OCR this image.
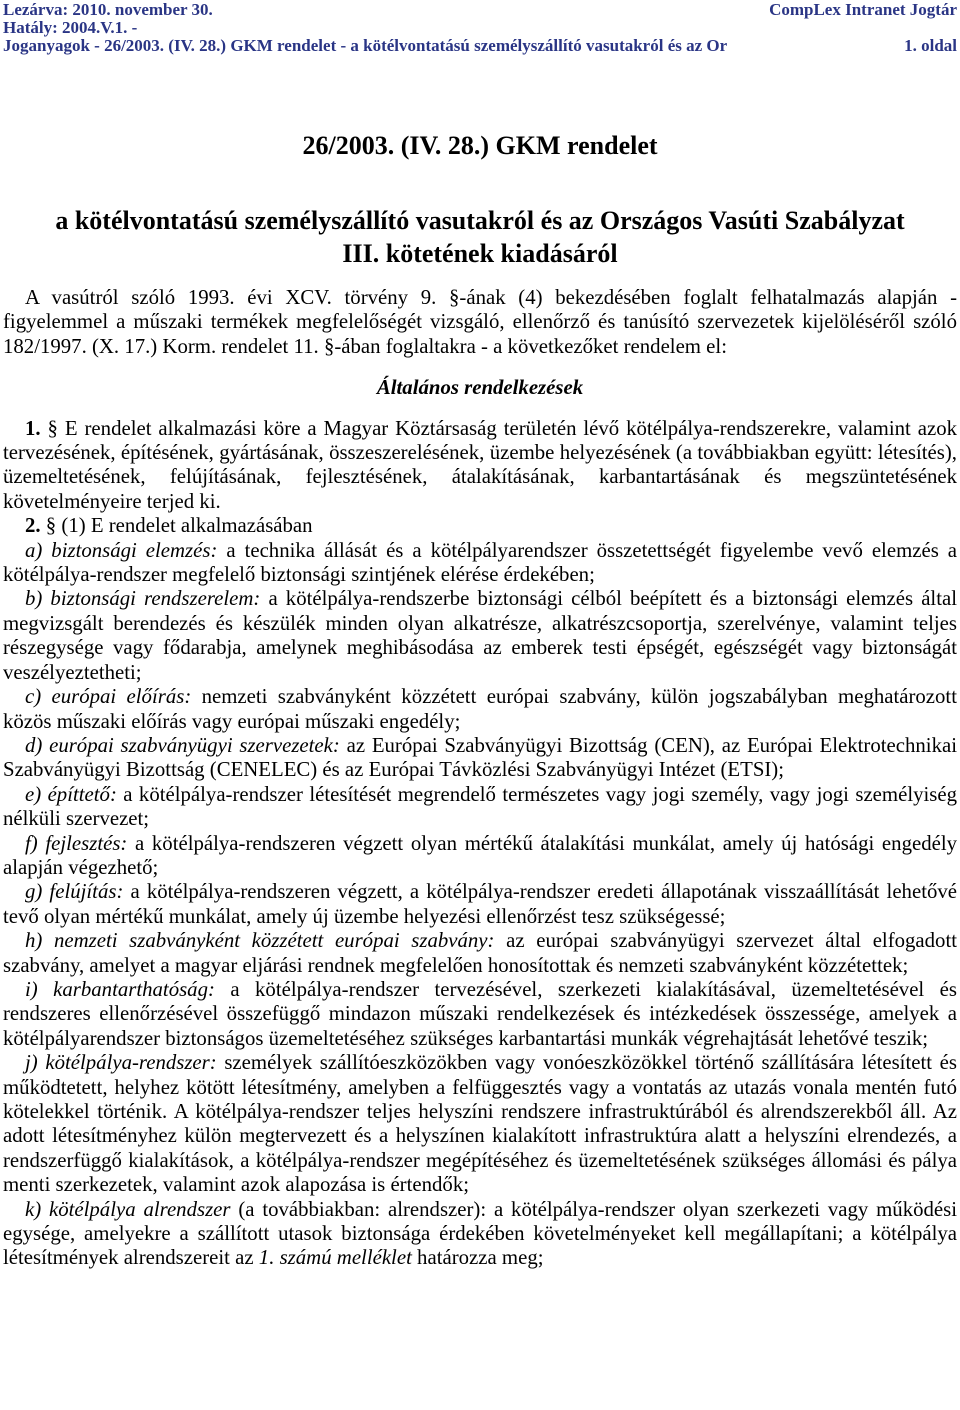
Lezárva: 2010. november 30.	CompLex Intranet Jogtár
Hatály: 2004.V.1. -
Joganyagok - 26/2003. (IV. 28.) GKM rendelet - a kötélvontatású személyszállító vasutakról és az Or	1. oldal
26/2003. (IV. 28.) GKM rendelet
a kötélvontatású személyszállító vasutakról és az Országos Vasúti Szabályzat
III. kötetének kiadásáról

A vasútról szóló 1993. évi XCV. törvény 9. §-ának (4) bekezdésében foglalt felhatalmazás alapján - figyelemmel a műszaki termékek megfelelőségét vizsgáló, ellenőrző és tanúsító szervezetek kijelöléséről szóló 182/1997. (X. 17.) Korm. rendelet 11. §-ában foglaltakra - a következőket rendelem el:

Általános rendelkezések

1. § E rendelet alkalmazási köre a Magyar Köztársaság területén lévő kötélpálya-rendszerekre, valamint azok tervezésének, építésének, gyártásának, összeszerelésének, üzembe helyezésének (a továbbiakban együtt: létesítés), üzemeltetésének, felújításának, fejlesztésének, átalakításának, karbantartásának és megszüntetésének követelményeire terjed ki.

2. § (1) E rendelet alkalmazásában

a) biztonsági elemzés: a technika állását és a kötélpályarendszer összetettségét figyelembe vevő elemzés a kötélpálya-rendszer megfelelő biztonsági szintjének elérése érdekében;

b) biztonsági rendszerelem: a kötélpálya-rendszerbe biztonsági célból beépített és a biztonsági elemzés által megvizsgált berendezés és készülék minden olyan alkatrésze, alkatrészcsoportja, szerelvénye, valamint teljes részegysége vagy fődarabja, amelynek meghibásodása az emberek testi épségét, egészségét vagy biztonságát veszélyeztetheti;

c) európai előírás: nemzeti szabványként közzétett európai szabvány, külön jogszabályban meghatározott közös műszaki előírás vagy európai műszaki engedély;

d) európai szabványügyi szervezetek: az Európai Szabványügyi Bizottság (CEN), az Európai Elektrotechnikai Szabványügyi Bizottság (CENELEC) és az Európai Távközlési Szabványügyi Intézet (ETSI);

e) építtető: a kötélpálya-rendszer létesítését megrendelő természetes vagy jogi személy, vagy jogi személyiség nélküli szervezet;

f) fejlesztés: a kötélpálya-rendszeren végzett olyan mértékű átalakítási munkálat, amely új hatósági engedély alapján végezhető;

g) felújítás: a kötélpálya-rendszeren végzett, a kötélpálya-rendszer eredeti állapotának visszaállítását lehetővé tevő olyan mértékű munkálat, amely új üzembe helyezési ellenőrzést tesz szükségessé;

h) nemzeti szabványként közzétett európai szabvány: az európai szabványügyi szervezet által elfogadott szabvány, amelyet a magyar eljárási rendnek megfelelően honosítottak és nemzeti szabványként közzétettek;

i) karbantarthatóság: a kötélpálya-rendszer tervezésével, szerkezeti kialakításával, üzemeltetésével és rendszeres ellenőrzésével összefüggő mindazon műszaki rendelkezések és intézkedések összessége, amelyek a kötélpályarendszer biztonságos üzemeltetéséhez szükséges karbantartási munkák végrehajtását lehetővé teszik;

j) kötélpálya-rendszer: személyek szállítóeszközökben vagy vonóeszközökkel történő szállítására létesített és működtetett, helyhez kötött létesítmény, amelyben a felfüggesztés vagy a vontatás az utazás vonala mentén futó kötelekkel történik. A kötélpálya-rendszer teljes helyszíni rendszere infrastruktúrából és alrendszerekből áll. Az adott létesítményhez külön megtervezett és a helyszínen kialakított infrastruktúra alatt a helyszíni elrendezés, a rendszerfüggő kialakítások, a kötélpálya-rendszer megépítéséhez és üzemeltetésének szükséges állomási és pálya menti szerkezetek, valamint azok alapozása is értendők;

k) kötélpálya alrendszer (a továbbiakban: alrendszer): a kötélpálya-rendszer olyan szerkezeti vagy működési egysége, amelyekre a szállított utasok biztonsága érdekében követelményeket kell megállapítani; a kötélpálya létesítmények alrendszereit az 1. számú melléklet határozza meg;
